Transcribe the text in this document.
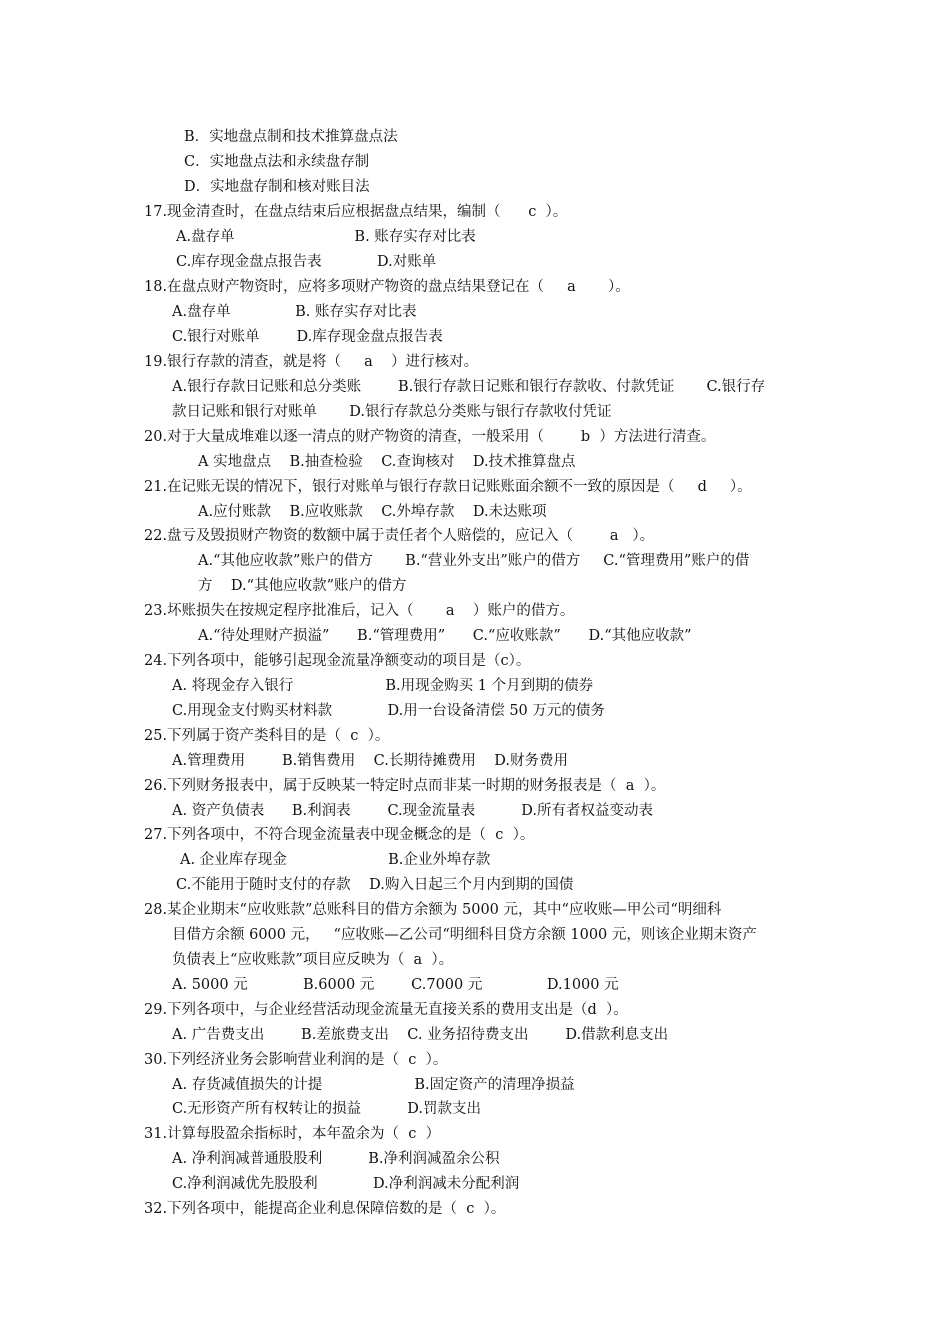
B．实地盘点制和技术推算盘点法
C．实地盘点法和永续盘存制
D．实地盘存制和核对账目法
17.现金清查时，在盘点结束后应根据盘点结果，编制（      c  ）。
A.盘存单                          B. 账存实存对比表
C.库存现金盘点报告表            D.对账单
18.在盘点财产物资时，应将多项财产物资的盘点结果登记在（     a       ）。
A.盘存单              B. 账存实存对比表
C.银行对账单        D.库存现金盘点报告表
19.银行存款的清查，就是将（     a    ）进行核对。
A.银行存款日记账和总分类账        B.银行存款日记账和银行存款收、付款凭证       C.银行存
款日记账和银行对账单       D.银行存款总分类账与银行存款收付凭证
20.对于大量成堆难以逐一清点的财产物资的清查，一般采用（        b  ）方法进行清查。
A 实地盘点    B.抽查检验    C.查询核对    D.技术推算盘点
21.在记账无误的情况下，银行对账单与银行存款日记账账面余额不一致的原因是（     d     ）。
A.应付账款    B.应收账款    C.外埠存款    D.未达账项
22.盘亏及毁损财产物资的数额中属于责任者个人赔偿的，应记入（        a   ）。
A.“其他应收款”账户的借方       B.“营业外支出”账户的借方     C.“管理费用”账户的借
方    D.“其他应收款”账户的借方
23.坏账损失在按规定程序批准后，记入（       a    ）账户的借方。
A.“待处理财产损溢”      B.“管理费用”      C.“应收账款”      D.“其他应收款”
24.下列各项中，能够引起现金流量净额变动的项目是（c）。
A. 将现金存入银行                    B.用现金购买 1 个月到期的债券
C.用现金支付购买材料款            D.用一台设备清偿 50 万元的债务
25.下列属于资产类科目的是（  c  ）。
A.管理费用        B.销售费用    C.长期待摊费用    D.财务费用
26.下列财务报表中，属于反映某一特定时点而非某一时期的财务报表是（  a  ）。
A. 资产负债表      B.利润表        C.现金流量表          D.所有者权益变动表
27.下列各项中，不符合现金流量表中现金概念的是（  c  ）。
A. 企业库存现金                      B.企业外埠存款
C.不能用于随时支付的存款    D.购入日起三个月内到期的国债
28.某企业期末“应收账款”总账科目的借方余额为 5000 元，其中“应收账—甲公司“明细科
目借方余额 6000 元，   “应收账—乙公司“明细科目贷方余额 1000 元，则该企业期末资产
负债表上“应收账款”项目应反映为（  a  ）。
A. 5000 元            B.6000 元        C.7000 元              D.1000 元
29.下列各项中，与企业经营活动现金流量无直接关系的费用支出是（d  ）。
A. 广告费支出        B.差旅费支出    C. 业务招待费支出        D.借款利息支出
30.下列经济业务会影响营业利润的是（  c  ）。
A. 存货减值损失的计提                    B.固定资产的清理净损益
C.无形资产所有权转让的损益          D.罚款支出
31.计算每股盈余指标时，本年盈余为（  c  ）
A. 净利润减普通股股利          B.净利润减盈余公积
C.净利润减优先股股利            D.净利润减未分配利润
32.下列各项中，能提高企业利息保障倍数的是（  c  ）。
